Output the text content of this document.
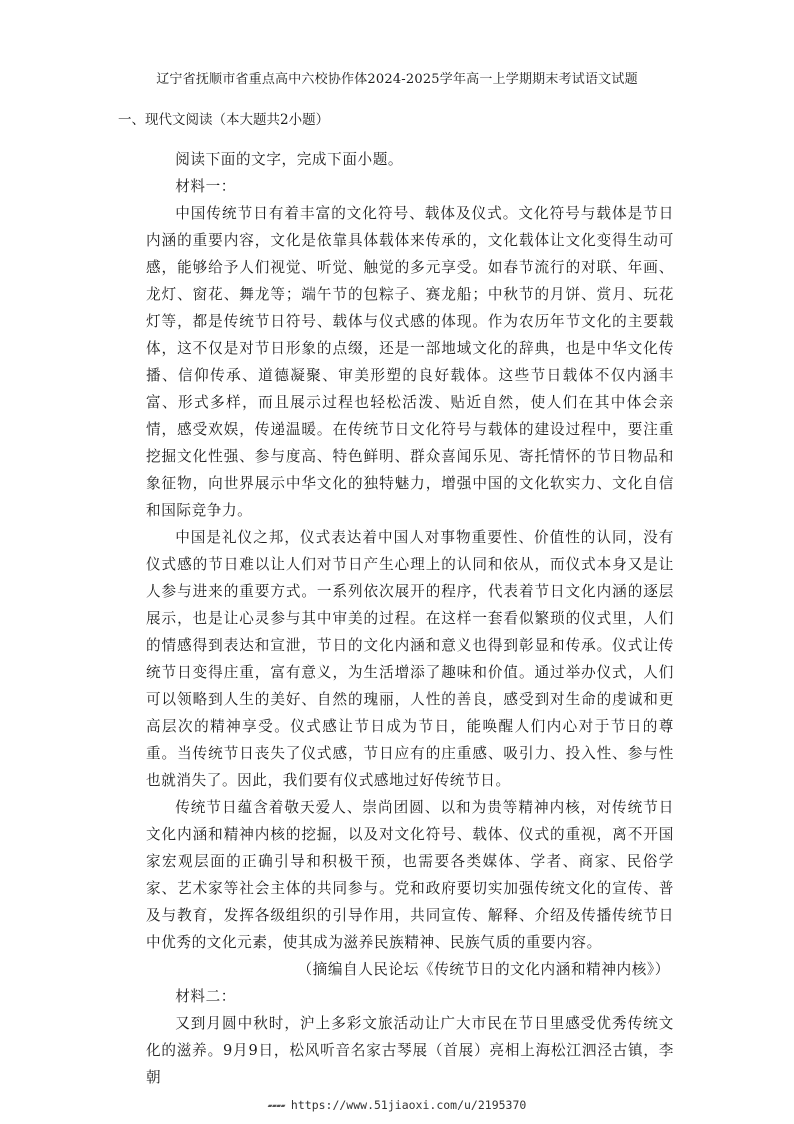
辽宁省抚顺市省重点高中六校协作体2024-2025学年高一上学期期末考试语文试题
一、现代文阅读（本大题共2小题）

阅读下面的文字，完成下面小题。

材料一：

中国传统节日有着丰富的文化符号、载体及仪式。文化符号与载体是节日内涵的重要内容，文化是依靠具体载体来传承的，文化载体让文化变得生动可感，能够给予人们视觉、听觉、触觉的多元享受。如春节流行的对联、年画、龙灯、窗花、舞龙等；端午节的包粽子、赛龙船；中秋节的月饼、赏月、玩花灯等，都是传统节日符号、载体与仪式感的体现。作为农历年节文化的主要载体，这不仅是对节日形象的点缀，还是一部地域文化的辞典，也是中华文化传播、信仰传承、道德凝聚、审美形塑的良好载体。这些节日载体不仅内涵丰富、形式多样，而且展示过程也轻松活泼、贴近自然，使人们在其中体会亲情，感受欢娱，传递温暖。在传统节日文化符号与载体的建设过程中，要注重挖掘文化性强、参与度高、特色鲜明、群众喜闻乐见、寄托情怀的节日物品和象征物，向世界展示中华文化的独特魅力，增强中国的文化软实力、文化自信和国际竞争力。

中国是礼仪之邦，仪式表达着中国人对事物重要性、价值性的认同，没有仪式感的节日难以让人们对节日产生心理上的认同和依从，而仪式本身又是让人参与进来的重要方式。一系列依次展开的程序，代表着节日文化内涵的逐层展示，也是让心灵参与其中审美的过程。在这样一套看似繁琐的仪式里，人们的情感得到表达和宣泄，节日的文化内涵和意义也得到彰显和传承。仪式让传统节日变得庄重，富有意义，为生活增添了趣味和价值。通过举办仪式，人们可以领略到人生的美好、自然的瑰丽，人性的善良，感受到对生命的虔诚和更高层次的精神享受。仪式感让节日成为节日，能唤醒人们内心对于节日的尊重。当传统节日丧失了仪式感，节日应有的庄重感、吸引力、投入性、参与性也就消失了。因此，我们要有仪式感地过好传统节日。

传统节日蕴含着敬天爱人、崇尚团圆、以和为贵等精神内核，对传统节日文化内涵和精神内核的挖掘，以及对文化符号、载体、仪式的重视，离不开国家宏观层面的正确引导和积极干预，也需要各类媒体、学者、商家、民俗学家、艺术家等社会主体的共同参与。党和政府要切实加强传统文化的宣传、普及与教育，发挥各级组织的引导作用，共同宣传、解释、介绍及传播传统节日中优秀的文化元素，使其成为滋养民族精神、民族气质的重要内容。

（摘编自人民论坛《传统节日的文化内涵和精神内核》）

材料二：

又到月圆中秋时，沪上多彩文旅活动让广大市民在节日里感受优秀传统文化的滋养。9月9日，松风听音名家古琴展（首展）亮相上海松江泗泾古镇，李朝

▰▰▰▰ https://www.51jiaoxi.com/u/2195370
